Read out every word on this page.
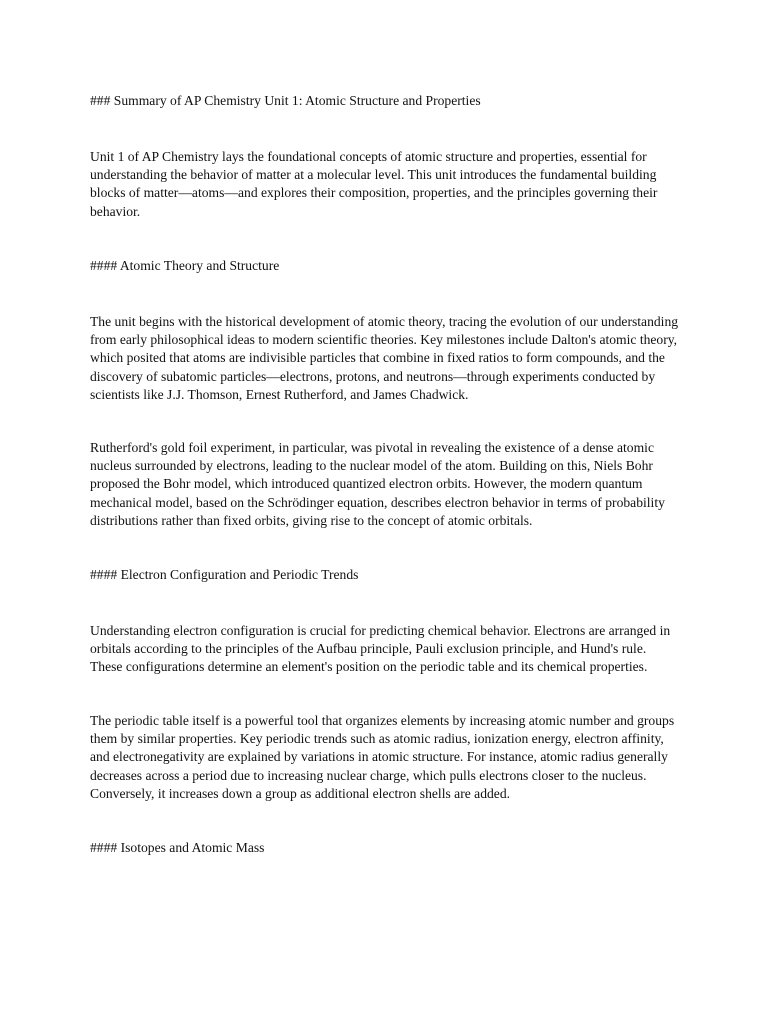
### Summary of AP Chemistry Unit 1: Atomic Structure and Properties

Unit 1 of AP Chemistry lays the foundational concepts of atomic structure and properties, essential for understanding the behavior of matter at a molecular level. This unit introduces the fundamental building blocks of matter—atoms—and explores their composition, properties, and the principles governing their behavior.

#### Atomic Theory and Structure

The unit begins with the historical development of atomic theory, tracing the evolution of our understanding from early philosophical ideas to modern scientific theories. Key milestones include Dalton's atomic theory, which posited that atoms are indivisible particles that combine in fixed ratios to form compounds, and the discovery of subatomic particles—electrons, protons, and neutrons—through experiments conducted by scientists like J.J. Thomson, Ernest Rutherford, and James Chadwick.

Rutherford's gold foil experiment, in particular, was pivotal in revealing the existence of a dense atomic nucleus surrounded by electrons, leading to the nuclear model of the atom. Building on this, Niels Bohr proposed the Bohr model, which introduced quantized electron orbits. However, the modern quantum mechanical model, based on the Schrödinger equation, describes electron behavior in terms of probability distributions rather than fixed orbits, giving rise to the concept of atomic orbitals.

#### Electron Configuration and Periodic Trends

Understanding electron configuration is crucial for predicting chemical behavior. Electrons are arranged in orbitals according to the principles of the Aufbau principle, Pauli exclusion principle, and Hund's rule. These configurations determine an element's position on the periodic table and its chemical properties.

The periodic table itself is a powerful tool that organizes elements by increasing atomic number and groups them by similar properties. Key periodic trends such as atomic radius, ionization energy, electron affinity, and electronegativity are explained by variations in atomic structure. For instance, atomic radius generally decreases across a period due to increasing nuclear charge, which pulls electrons closer to the nucleus. Conversely, it increases down a group as additional electron shells are added.

#### Isotopes and Atomic Mass
